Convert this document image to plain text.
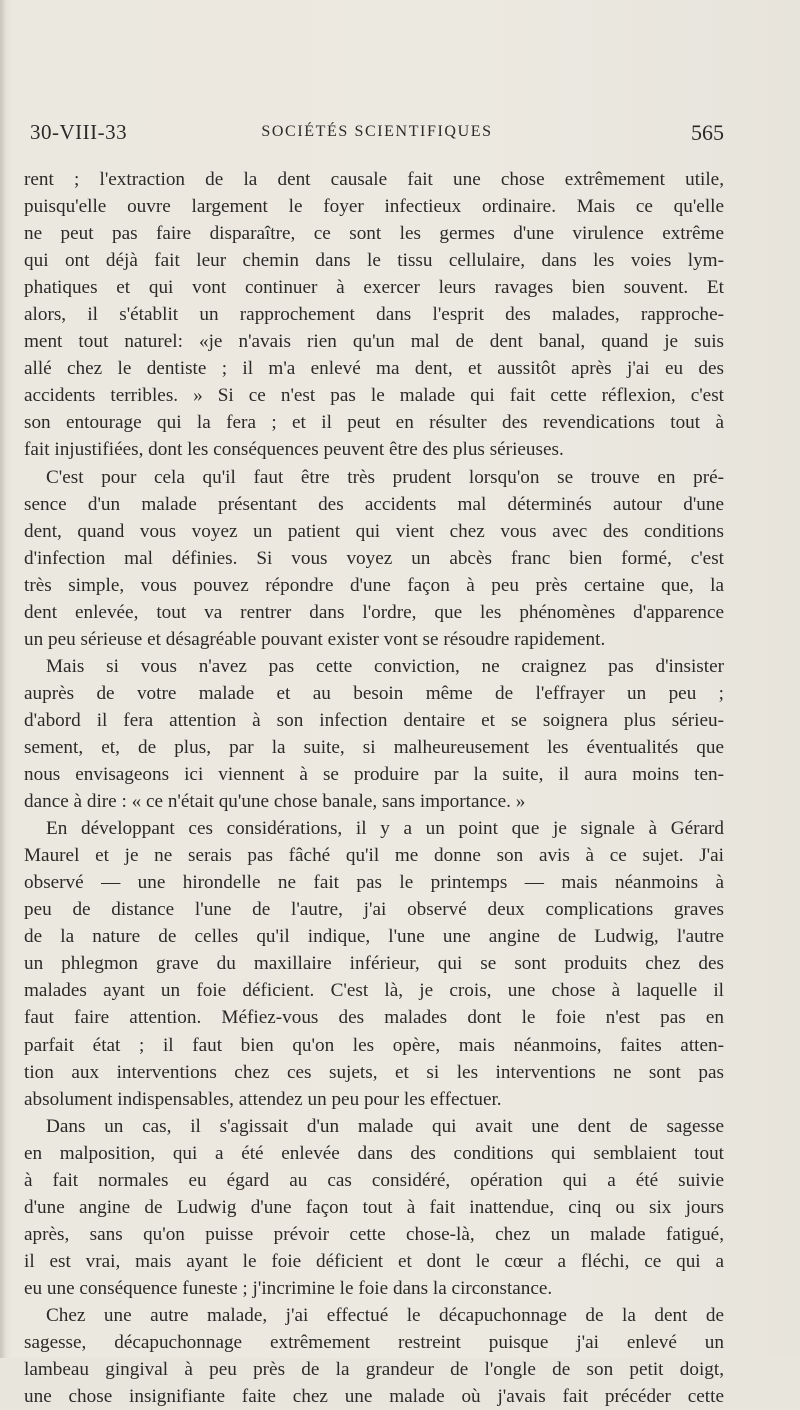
30-VIII-33	SOCIÉTÉS SCIENTIFIQUES	565
rent ; l'extraction de la dent causale fait une chose extrêmement utile,
puisqu'elle ouvre largement le foyer infectieux ordinaire. Mais ce qu'elle
ne peut pas faire disparaître, ce sont les germes d'une virulence extrême
qui ont déjà fait leur chemin dans le tissu cellulaire, dans les voies lym-
phatiques et qui vont continuer à exercer leurs ravages bien souvent. Et
alors, il s'établit un rapprochement dans l'esprit des malades, rapproche-
ment tout naturel: «je n'avais rien qu'un mal de dent banal, quand je suis
allé chez le dentiste ; il m'a enlevé ma dent, et aussitôt après j'ai eu des
accidents terribles. » Si ce n'est pas le malade qui fait cette réflexion, c'est
son entourage qui la fera ; et il peut en résulter des revendications tout à
fait injustifiées, dont les conséquences peuvent être des plus sérieuses.
C'est pour cela qu'il faut être très prudent lorsqu'on se trouve en pré-
sence d'un malade présentant des accidents mal déterminés autour d'une
dent, quand vous voyez un patient qui vient chez vous avec des conditions
d'infection mal définies. Si vous voyez un abcès franc bien formé, c'est
très simple, vous pouvez répondre d'une façon à peu près certaine que, la
dent enlevée, tout va rentrer dans l'ordre, que les phénomènes d'apparence
un peu sérieuse et désagréable pouvant exister vont se résoudre rapidement.
Mais si vous n'avez pas cette conviction, ne craignez pas d'insister
auprès de votre malade et au besoin même de l'effrayer un peu ;
d'abord il fera attention à son infection dentaire et se soignera plus sérieu-
sement, et, de plus, par la suite, si malheureusement les éventualités que
nous envisageons ici viennent à se produire par la suite, il aura moins ten-
dance à dire : « ce n'était qu'une chose banale, sans importance. »
En développant ces considérations, il y a un point que je signale à Gérard
Maurel et je ne serais pas fâché qu'il me donne son avis à ce sujet. J'ai
observé — une hirondelle ne fait pas le printemps — mais néanmoins à
peu de distance l'une de l'autre, j'ai observé deux complications graves
de la nature de celles qu'il indique, l'une une angine de Ludwig, l'autre
un phlegmon grave du maxillaire inférieur, qui se sont produits chez des
malades ayant un foie déficient. C'est là, je crois, une chose à laquelle il
faut faire attention. Méfiez-vous des malades dont le foie n'est pas en
parfait état ; il faut bien qu'on les opère, mais néanmoins, faites atten-
tion aux interventions chez ces sujets, et si les interventions ne sont pas
absolument indispensables, attendez un peu pour les effectuer.
Dans un cas, il s'agissait d'un malade qui avait une dent de sagesse
en malposition, qui a été enlevée dans des conditions qui semblaient tout
à fait normales eu égard au cas considéré, opération qui a été suivie
d'une angine de Ludwig d'une façon tout à fait inattendue, cinq ou six jours
après, sans qu'on puisse prévoir cette chose-là, chez un malade fatigué,
il est vrai, mais ayant le foie déficient et dont le cœur a fléchi, ce qui a
eu une conséquence funeste ; j'incrimine le foie dans la circonstance.
Chez une autre malade, j'ai effectué le décapuchonnage de la dent de
sagesse, décapuchonnage extrêmement restreint puisque j'ai enlevé un
lambeau gingival à peu près de la grandeur de l'ongle de son petit doigt,
une chose insignifiante faite chez une malade où j'avais fait précéder cette
